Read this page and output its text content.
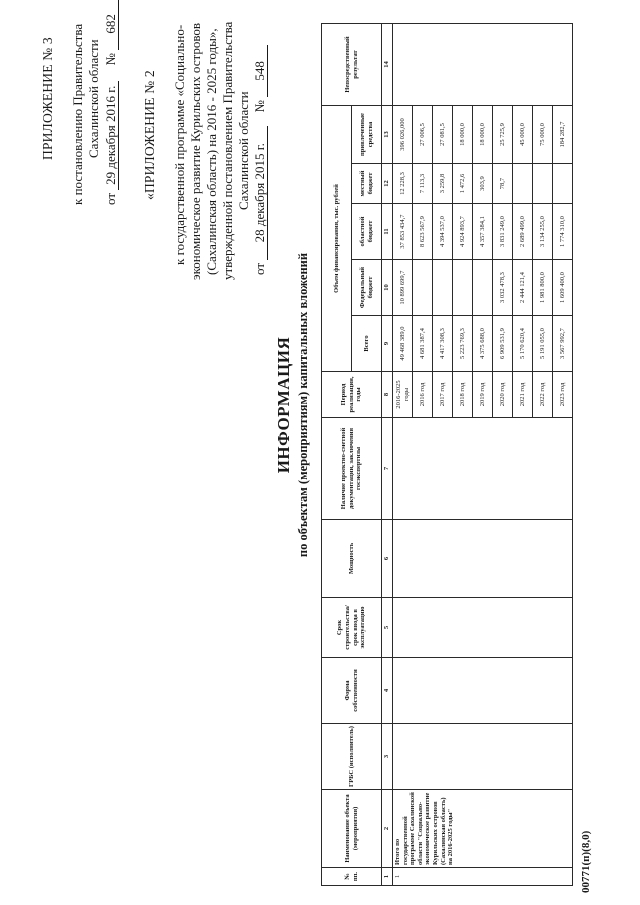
ПРИЛОЖЕНИЕ № 3 к постановлению Правительства Сахалинской области
от 29 декабря 2016 г. № 682
«ПРИЛОЖЕНИЕ № 2 к государственной программе «Социально- экономическое развитие Курильских островов (Сахалинская область) на 2016 - 2025 годы», утвержденной постановлением Правительства Сахалинской области
от 28 декабря 2015 г. № 548
ИНФОРМАЦИЯ по объектам (мероприятиям) капитальных вложений
№ пп.	Наименование объекта (мероприятия)	ГРБС (исполнитель)	Форма собственности	Срок строительства/ срок ввода в эксплуатацию	Мощность	Наличие проектно-сметной документации, заключения госэкспертизы	Период реализации, годы	Объем финансирования, тыс. рублей					Непосредственный результат
								Всего	Федеральный бюджет	областной бюджет	местный бюджет	привлеченные средства	
1	2	3	4	5	6	7	8	9	10	11	12	13	14
1	Итого по государственной программе Сахалинской области "Социально-экономическое развитие Курильских островов (Сахалинская область) на 2016-2025 годы"						2016-2025 годы	49 468 389,0	10 899 699,7	37 853 434,7	12 228,3	396 026,000	
							2016 год	4 681 387,4		8 623 567,9	7 113,3	27 006,5	
							2017 год	4 417 308,3		4 394 537,0	3 259,8	27 081,5	
							2018 год	5 223 769,3		4 924 893,7	1 472,6	18 000,0	
							2019 год	4 375 688,0		4 357 384,1	303,9	18 000,0	
							2020 год	6 909 531,9	3 032 478,3	3 831 249,0	78,7	25 725,9	
							2021 год	5 170 620,4	2 444 121,4	2 689 499,0		45 000,0	
							2022 год	5 191 055,0	1 981 800,0	3 134 255,0		75 000,0	
							2023 год	3 567 992,7	1 609 400,0	1 774 310,0		184 282,7	
00771(п)(8,0)
